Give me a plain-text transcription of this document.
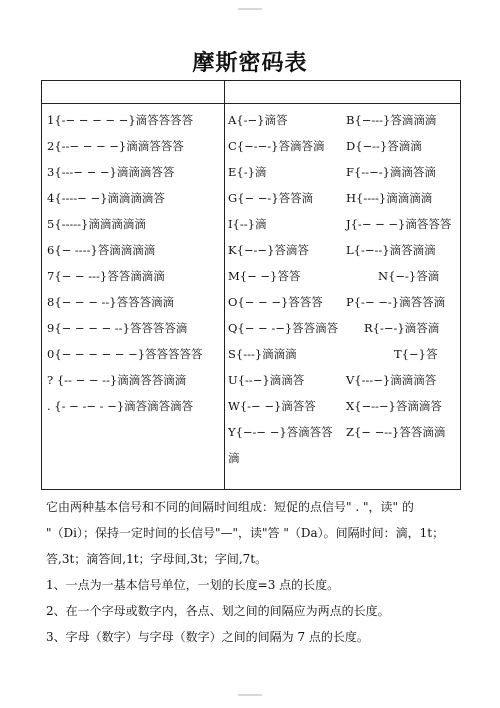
摩斯密码表
1{-− − − − −}滴答答答答
2{--− − − −}滴滴答答答
3{---− − −}滴滴滴答答
4{----− −}滴滴滴滴答
5{-----}滴滴滴滴滴
6{− ----}答滴滴滴滴
7{− − ---}答答滴滴滴
8{− − − --}答答答滴滴
9{− − − − --}答答答答滴
0{− − − − − −}答答答答答
? {-- − − --}滴滴答答滴滴
. {- − -− - −}滴答滴答滴答
A{-−}滴答
C{−-−-}答滴答滴
E{-}滴
G{− −-}答答滴
I{--}滴
K{−-−}答滴答
M{− −}答答
O{− − −}答答答
Q{− − -−}答答滴答
S{---}滴滴滴
U{--−}滴滴答
W{-− −}滴答答
Y{−-− −}答滴答答
滴
B{−---}答滴滴滴
D{−--}答滴滴
F{--−-}滴滴答滴
H{----}滴滴滴滴
J{-− − −}滴答答答
L{-−--}滴答滴滴
N{−-}答滴
P{-− −-}滴答答滴
R{-−-}滴答滴
T{−}答
V{---−}滴滴滴答
X{−--−}答滴滴答
Z{− −--}答答滴滴
它由两种基本信号和不同的间隔时间组成：短促的点信号" . "，读" 的
"（Di）；保持一定时间的长信号"—"，读"答 "（Da）。间隔时间：滴，1t；
答,3t；滴答间,1t；字母间,3t；字间,7t。
1、一点为一基本信号单位，一划的长度=3 点的长度。
2、在一个字母或数字内，各点、划之间的间隔应为两点的长度。
3、字母（数字）与字母（数字）之间的间隔为 7 点的长度。
